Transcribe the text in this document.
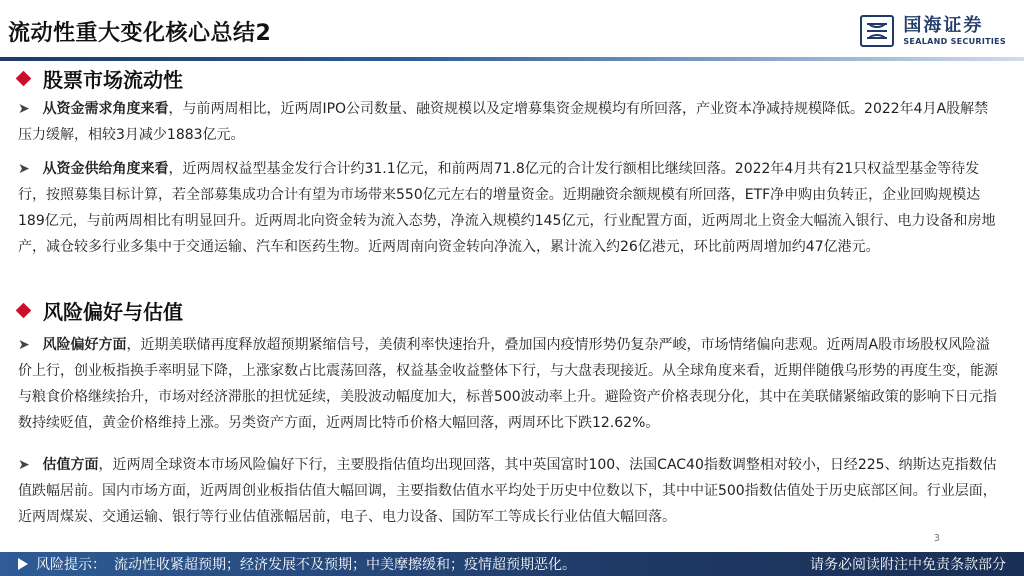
流动性重大变化核心总结2	国海证券
SEALAND SECURITIES
股票市场流动性
➤ 从资金需求角度来看，与前两周相比，近两周IPO公司数量、融资规模以及定增募集资金规模均有所回落，产业资本净减持规模降低。2022年4月A股解禁压力缓解，相较3月减少1883亿元。
➤ 从资金供给角度来看，近两周权益型基金发行合计约31.1亿元，和前两周71.8亿元的合计发行额相比继续回落。2022年4月共有21只权益型基金等待发行，按照募集目标计算，若全部募集成功合计有望为市场带来550亿元左右的增量资金。近期融资余额规模有所回落，ETF净申购由负转正，企业回购规模达189亿元，与前两周相比有明显回升。近两周北向资金转为流入态势，净流入规模约145亿元，行业配置方面，近两周北上资金大幅流入银行、电力设备和房地产，减仓较多行业多集中于交通运输、汽车和医药生物。近两周南向资金转向净流入，累计流入约26亿港元，环比前两周增加约47亿港元。
风险偏好与估值
➤ 风险偏好方面，近期美联储再度释放超预期紧缩信号，美债利率快速抬升，叠加国内疫情形势仍复杂严峻，市场情绪偏向悲观。近两周A股市场股权风险溢价上行，创业板指换手率明显下降，上涨家数占比震荡回落，权益基金收益整体下行，与大盘表现接近。从全球角度来看，近期伴随俄乌形势的再度生变，能源与粮食价格继续抬升，市场对经济滞胀的担忧延续，美股波动幅度加大，标普500波动率上升。避险资产价格表现分化，其中在美联储紧缩政策的影响下日元指数持续贬值，黄金价格维持上涨。另类资产方面，近两周比特币价格大幅回落，两周环比下跌12.62%。
➤ 估值方面，近两周全球资本市场风险偏好下行，主要股指估值均出现回落，其中英国富时100、法国CAC40指数调整相对较小，日经225、纳斯达克指数估值跌幅居前。国内市场方面，近两周创业板指估值大幅回调，主要指数估值水平均处于历史中位数以下，其中中证500指数估值处于历史底部区间。行业层面，近两周煤炭、交通运输、银行等行业估值涨幅居前，电子、电力设备、国防军工等成长行业估值大幅回落。
3
风险提示： 流动性收紧超预期；经济发展不及预期；中美摩擦缓和；疫情超预期恶化。	请务必阅读附注中免责条款部分
